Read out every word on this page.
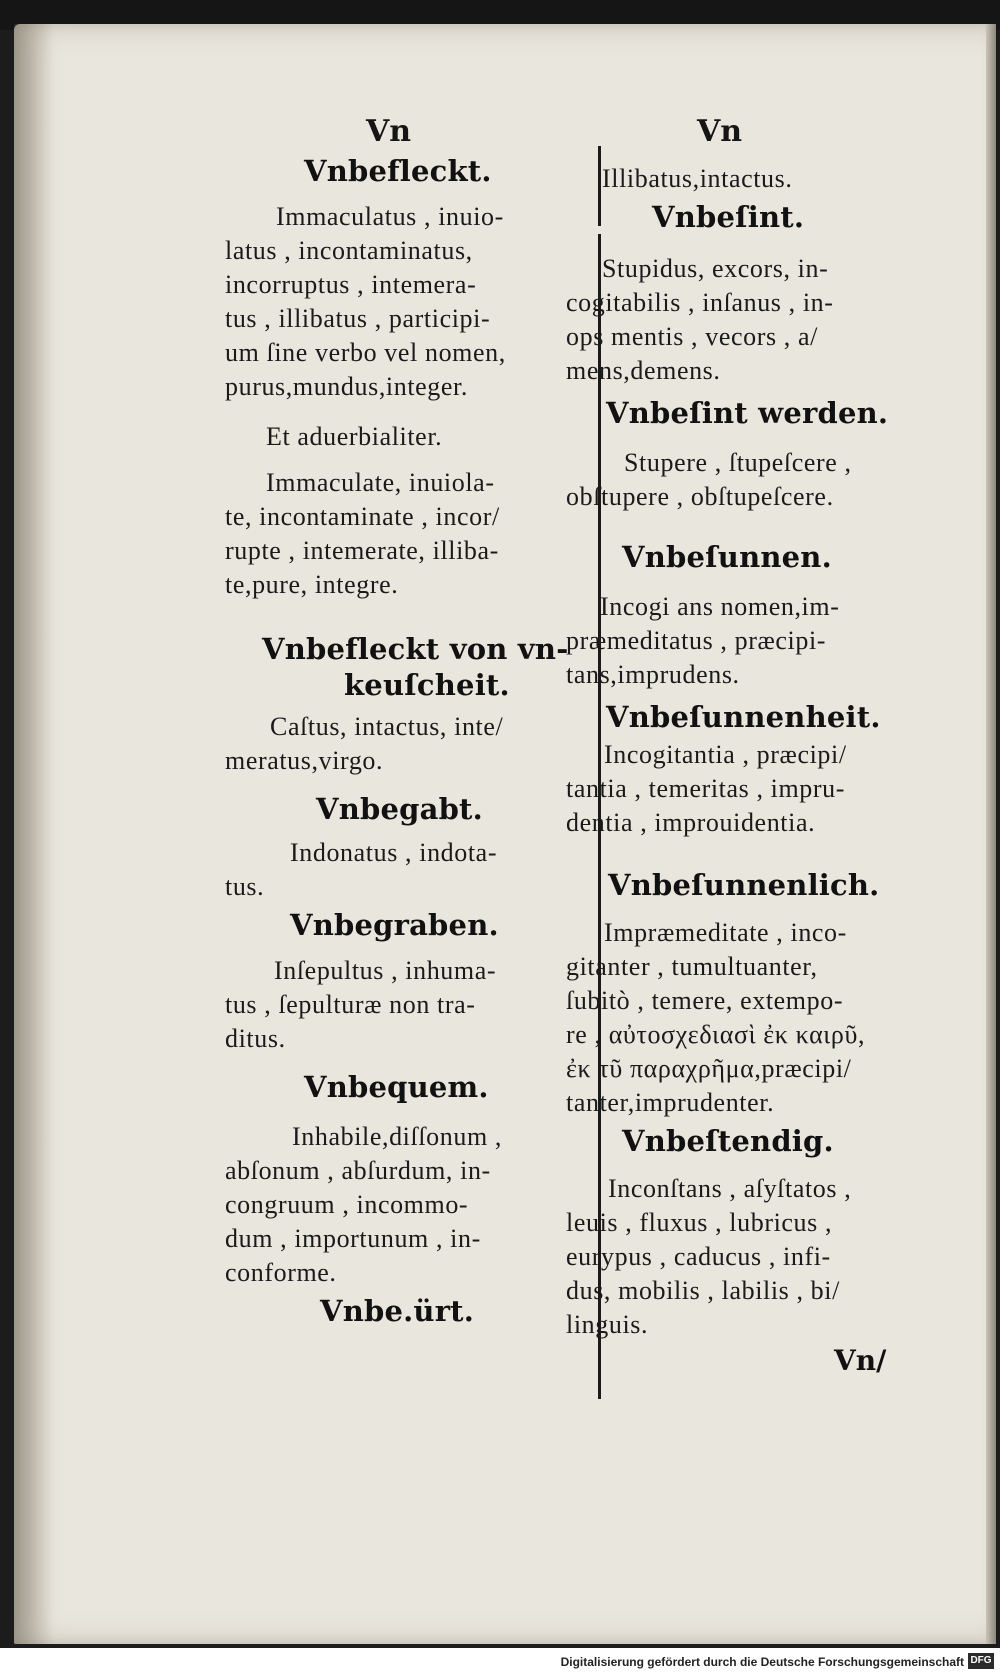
Vn	Vn
Vnbefleckt.
Immaculatus , inuio-
latus , incontaminatus,
incorruptus , intemera-
tus , illibatus , participi-
um ſine verbo vel nomen,
purus,mundus,integer.
Et aduerbialiter.
Immaculate, inuiola-
te, incontaminate , incor/
rupte , intemerate, illiba-
te,pure, integre.
Vnbefleckt von vn-
keuſcheit.
Caſtus, intactus, inte/
meratus,virgo.
Vnbegabt.
Indonatus , indota-
tus.
Vnbegraben.
Inſepultus , inhuma-
tus , ſepulturæ non tra-
ditus.
Vnbequem.
Inhabile,diſſonum ,
abſonum , abſurdum, in-
congruum , incommo-
dum , importunum , in-
conforme.
Vnbe.ürt.
Illibatus,intactus.
Vnbeſint.
Stupidus, excors, in-
cogitabilis , inſanus , in-
ops mentis , vecors , a/
mens,demens.
Vnbeſint werden.
Stupere , ſtupeſcere ,
obſtupere , obſtupeſcere.
Vnbeſunnen.
Incogi ans nomen,im-
præmeditatus , præcipi-
tans,imprudens.
Vnbeſunnenheit.
Incogitantia , præcipi/
tantia , temeritas , impru-
dentia , improuidentia.
Vnbeſunnenlich.
Impræmeditate , inco-
gitanter , tumultuanter,
ſubitò , temere, extempo-
re , αὐτοσχεδιασὶ ἐκ καιρῦ,
ἐκ τῦ παραχρῆμα,præcipi/
tanter,imprudenter.
Vnbeſtendig.
Inconſtans , aſyſtatos ,
leuis , fluxus , lubricus ,
eurypus , caducus , infi-
dus, mobilis , labilis , bi/
linguis.
Vn/
Digitalisierung gefördert durch die Deutsche Forschungsgemeinschaft DFG
